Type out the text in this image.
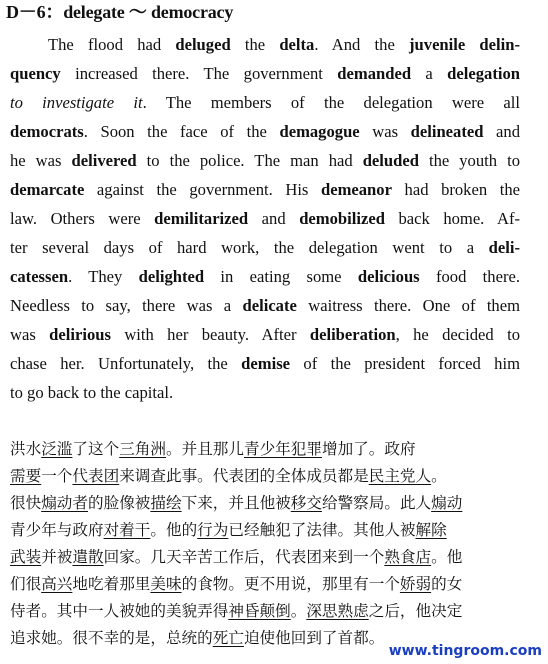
D－6：delegate ～ democracy
The flood had deluged the delta. And the juvenile delin-
quency increased there. The government demanded a delegation
to investigate it. The members of the delegation were all
democrats. Soon the face of the demagogue was delineated and
he was delivered to the police. The man had deluded the youth to
demarcate against the government. His demeanor had broken the
law. Others were demilitarized and demobilized back home. Af-
ter several days of hard work, the delegation went to a deli-
catessen. They delighted in eating some delicious food there.
Needless to say, there was a delicate waitress there. One of them
was delirious with her beauty. After deliberation, he decided to
chase her. Unfortunately, the demise of the president forced him
to go back to the capital.
洪水泛滥了这个三角洲。并且那儿青少年犯罪增加了。政府
需要一个代表团来调查此事。代表团的全体成员都是民主党人。
很快煽动者的脸像被描绘下来，并且他被移交给警察局。此人煽动
青少年与政府对着干。他的行为已经触犯了法律。其他人被解除
武装并被遣散回家。几天辛苦工作后，代表团来到一个熟食店。他
们很高兴地吃着那里美味的食物。更不用说，那里有一个娇弱的女
侍者。其中一人被她的美貌弄得神昏颠倒。深思熟虑之后，他决定
追求她。很不幸的是，总统的死亡迫使他回到了首都。
www.tingroom.com
